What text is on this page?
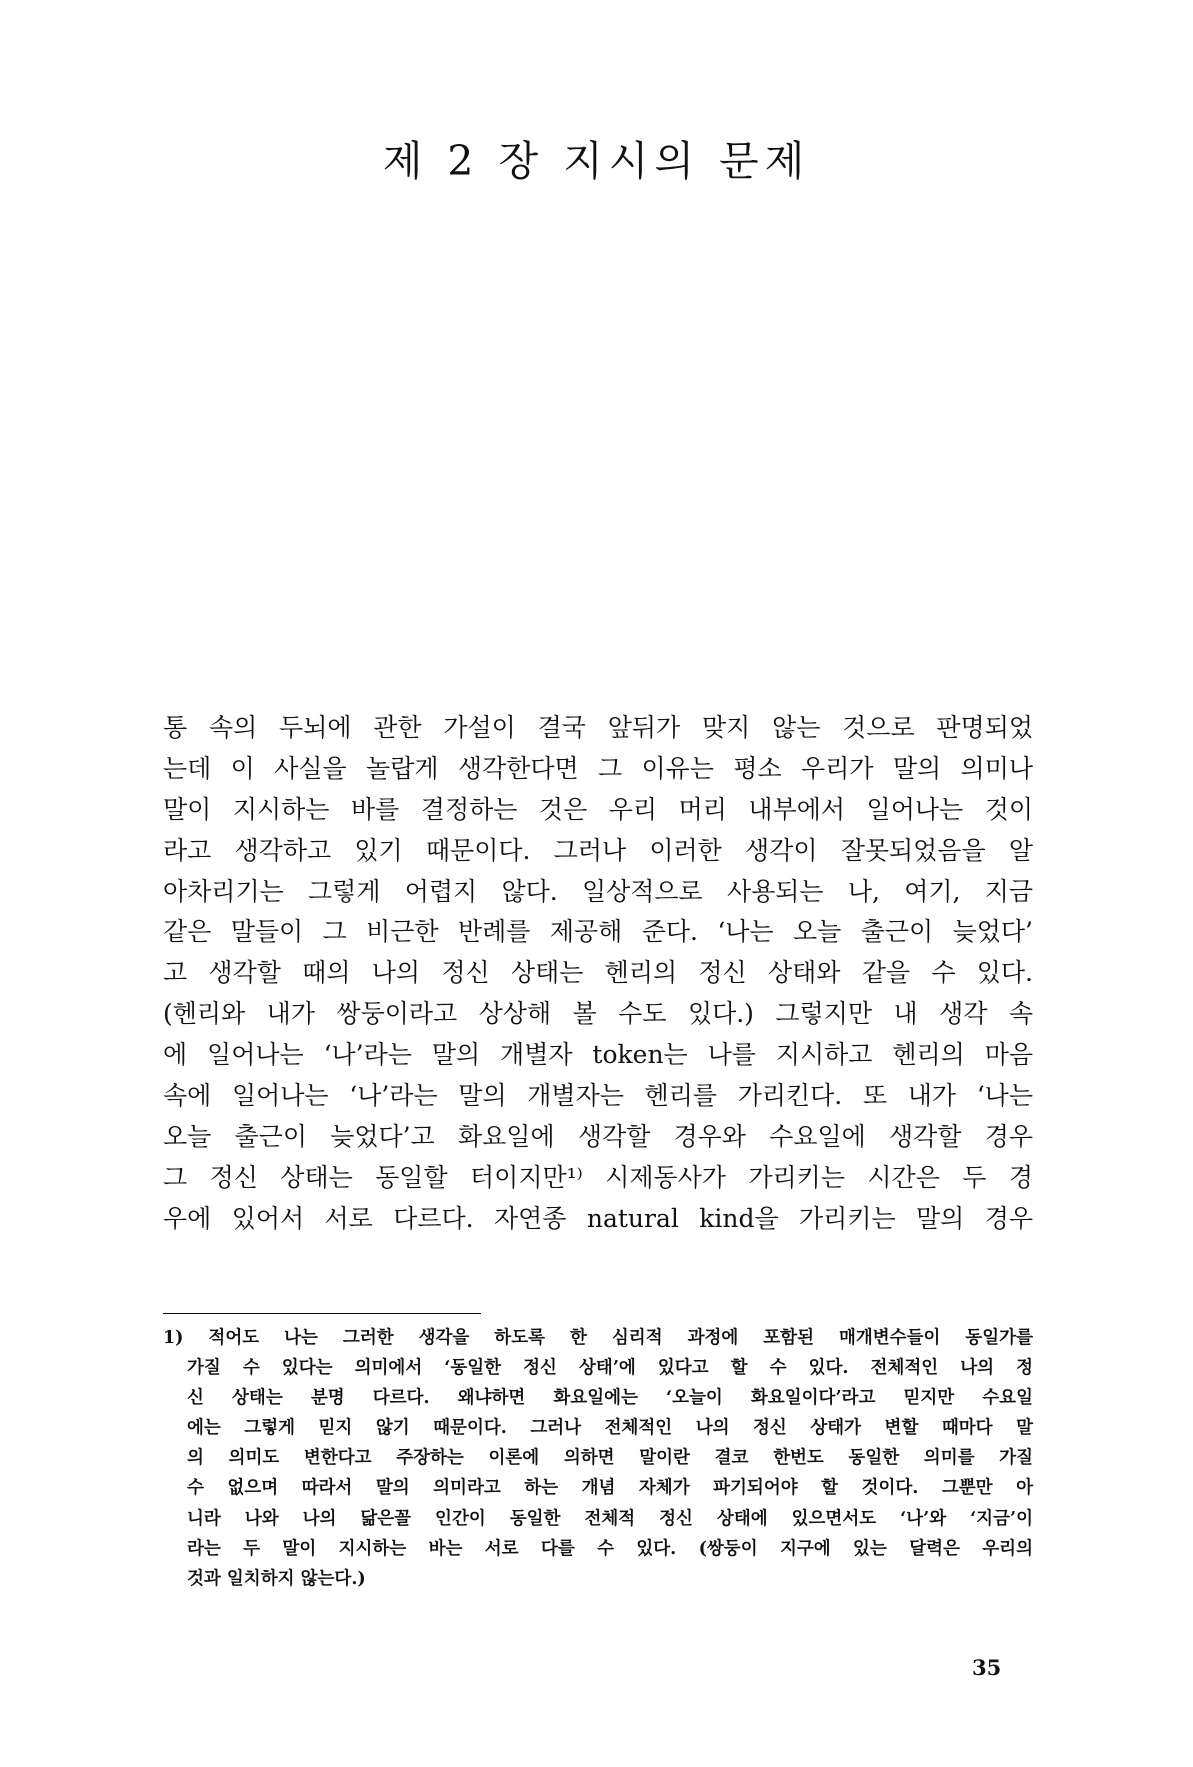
제 2 장 지시의 문제
통 속의 두뇌에 관한 가설이 결국 앞뒤가 맞지 않는 것으로 판명되었
는데 이 사실을 놀랍게 생각한다면 그 이유는 평소 우리가 말의 의미나
말이 지시하는 바를 결정하는 것은 우리 머리 내부에서 일어나는 것이
라고 생각하고 있기 때문이다. 그러나 이러한 생각이 잘못되었음을 알
아차리기는 그렇게 어렵지 않다. 일상적으로 사용되는 나, 여기, 지금
같은 말들이 그 비근한 반례를 제공해 준다. ‘나는 오늘 출근이 늦었다’
고 생각할 때의 나의 정신 상태는 헨리의 정신 상태와 같을 수 있다.
(헨리와 내가 쌍둥이라고 상상해 볼 수도 있다.) 그렇지만 내 생각 속
에 일어나는 ‘나’라는 말의 개별자 token는 나를 지시하고 헨리의 마음
속에 일어나는 ‘나’라는 말의 개별자는 헨리를 가리킨다. 또 내가 ‘나는
오늘 출근이 늦었다’고 화요일에 생각할 경우와 수요일에 생각할 경우
그 정신 상태는 동일할 터이지만¹⁾ 시제동사가 가리키는 시간은 두 경
우에 있어서 서로 다르다. 자연종 natural kind을 가리키는 말의 경우
1) 적어도 나는 그러한 생각을 하도록 한 심리적 과정에 포함된 매개변수들이 동일가를
가질 수 있다는 의미에서 ‘동일한 정신 상태’에 있다고 할 수 있다. 전체적인 나의 정
신 상태는 분명 다르다. 왜냐하면 화요일에는 ‘오늘이 화요일이다’라고 믿지만 수요일
에는 그렇게 믿지 않기 때문이다. 그러나 전체적인 나의 정신 상태가 변할 때마다 말
의 의미도 변한다고 주장하는 이론에 의하면 말이란 결코 한번도 동일한 의미를 가질
수 없으며 따라서 말의 의미라고 하는 개념 자체가 파기되어야 할 것이다. 그뿐만 아
니라 나와 나의 닮은꼴 인간이 동일한 전체적 정신 상태에 있으면서도 ‘나’와 ‘지금’이
라는 두 말이 지시하는 바는 서로 다를 수 있다. (쌍둥이 지구에 있는 달력은 우리의
것과 일치하지 않는다.)
35
